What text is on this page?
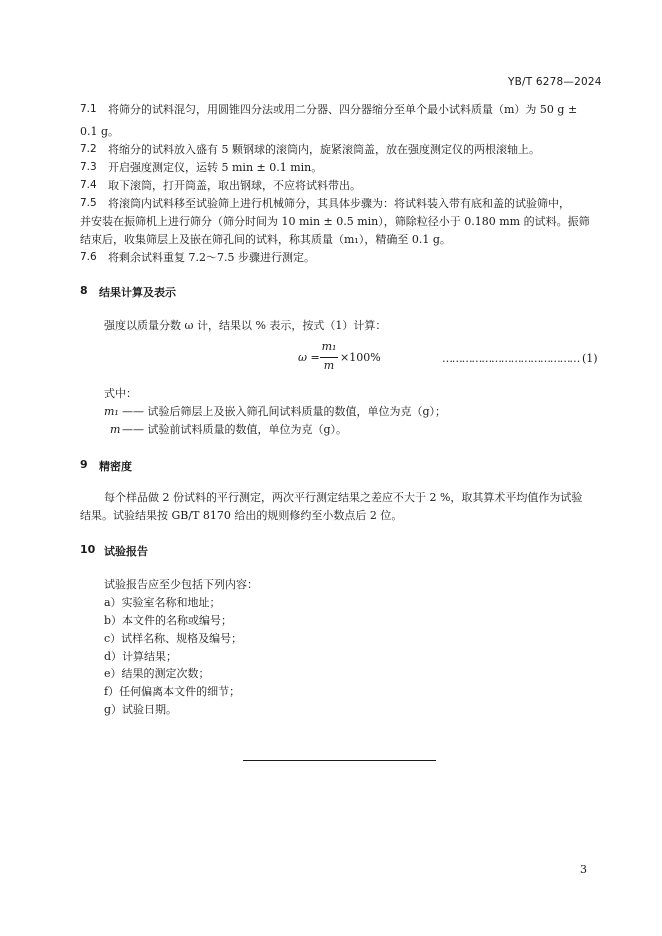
YB/T 6278—2024
7.1 将筛分的试料混匀，用圆锥四分法或用二分器、四分器缩分至单个最小试料质量（m）为 50 g ±
0.1 g。
7.2 将缩分的试料放入盛有 5 颗钢球的滚筒内，旋紧滚筒盖，放在强度测定仪的两根滚轴上。
7.3 开启强度测定仪，运转 5 min ± 0.1 min。
7.4 取下滚筒，打开筒盖，取出钢球，不应将试料带出。
7.5 将滚筒内试料移至试验筛上进行机械筛分，其具体步骤为：将试料装入带有底和盖的试验筛中，
并安装在振筛机上进行筛分（筛分时间为 10 min ± 0.5 min），筛除粒径小于 0.180 mm 的试料。振筛
结束后，收集筛层上及嵌在筛孔间的试料，称其质量（m₁），精确至 0.1 g。
7.6 将剩余试料重复 7.2～7.5 步骤进行测定。
8 结果计算及表示
强度以质量分数 ω 计，结果以 % 表示，按式（1）计算：
ω =
m₁
m
×100%	…………………………………… (1)
式中：
m₁ —— 试验后筛层上及嵌入筛孔间试料质量的数值，单位为克（g）；
m —— 试验前试料质量的数值，单位为克（g）。
9 精密度
每个样品做 2 份试料的平行测定，两次平行测定结果之差应不大于 2 %，取其算术平均值作为试验
结果。试验结果按 GB/T 8170 给出的规则修约至小数点后 2 位。
10 试验报告
试验报告应至少包括下列内容：
a）实验室名称和地址；
b）本文件的名称或编号；
c）试样名称、规格及编号；
d）计算结果；
e）结果的测定次数；
f）任何偏离本文件的细节；
g）试验日期。
3
